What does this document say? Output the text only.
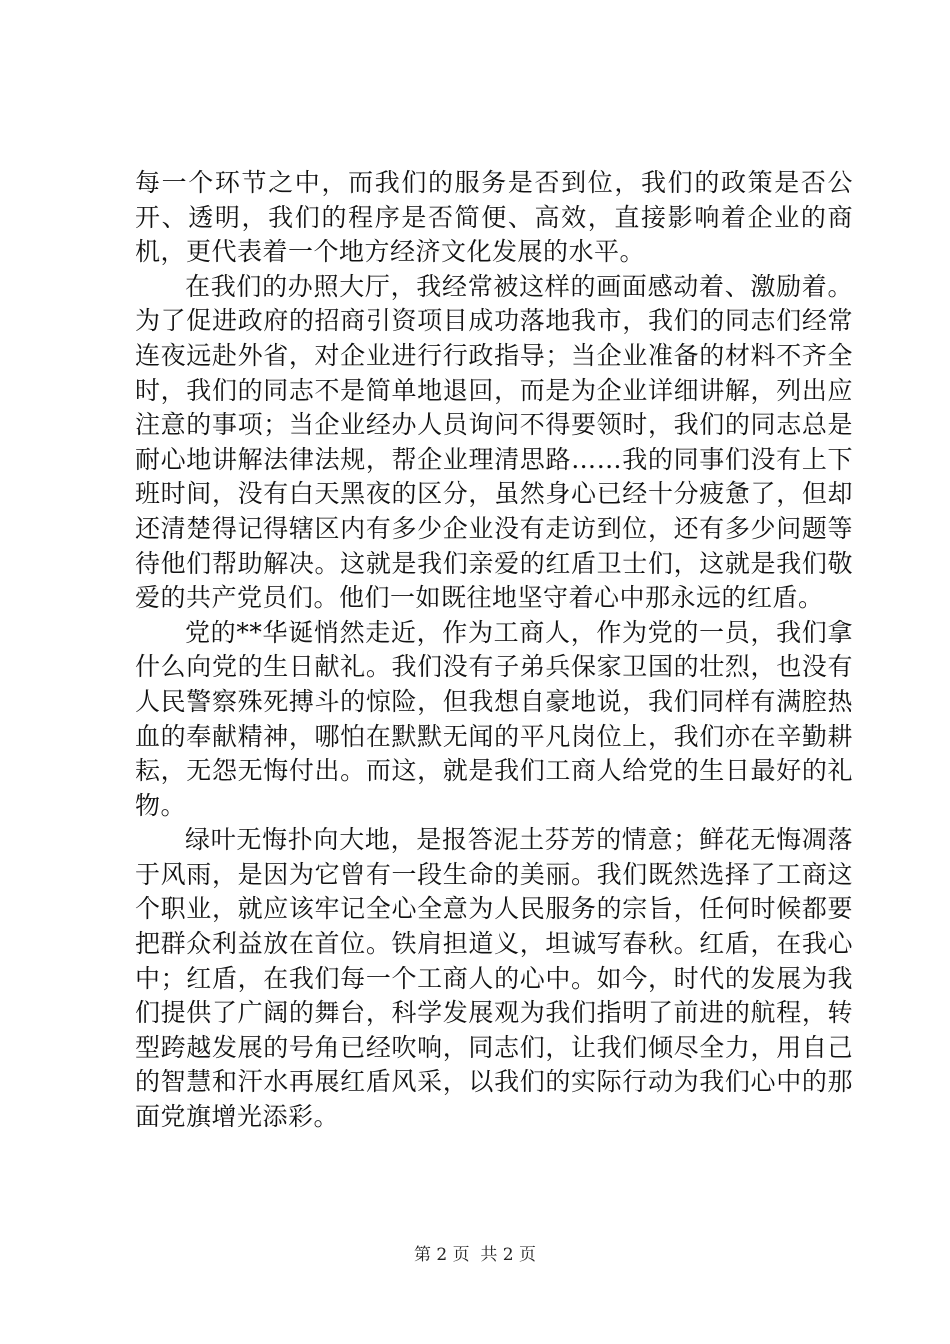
每一个环节之中，而我们的服务是否到位，我们的政策是否公开、透明，我们的程序是否简便、高效，直接影响着企业的商机，更代表着一个地方经济文化发展的水平。

在我们的办照大厅，我经常被这样的画面感动着、激励着。为了促进政府的招商引资项目成功落地我市，我们的同志们经常连夜远赴外省，对企业进行行政指导；当企业准备的材料不齐全时，我们的同志不是简单地退回，而是为企业详细讲解，列出应注意的事项；当企业经办人员询问不得要领时，我们的同志总是耐心地讲解法律法规，帮企业理清思路……我的同事们没有上下班时间，没有白天黑夜的区分，虽然身心已经十分疲惫了，但却还清楚得记得辖区内有多少企业没有走访到位，还有多少问题等待他们帮助解决。这就是我们亲爱的红盾卫士们，这就是我们敬爱的共产党员们。他们一如既往地坚守着心中那永远的红盾。

党的**华诞悄然走近，作为工商人，作为党的一员，我们拿什么向党的生日献礼。我们没有子弟兵保家卫国的壮烈，也没有人民警察殊死搏斗的惊险，但我想自豪地说，我们同样有满腔热血的奉献精神，哪怕在默默无闻的平凡岗位上，我们亦在辛勤耕耘，无怨无悔付出。而这，就是我们工商人给党的生日最好的礼物。

绿叶无悔扑向大地，是报答泥土芬芳的情意；鲜花无悔凋落于风雨，是因为它曾有一段生命的美丽。我们既然选择了工商这个职业，就应该牢记全心全意为人民服务的宗旨，任何时候都要把群众利益放在首位。铁肩担道义，坦诚写春秋。红盾，在我心中；红盾，在我们每一个工商人的心中。如今，时代的发展为我们提供了广阔的舞台，科学发展观为我们指明了前进的航程，转型跨越发展的号角已经吹响，同志们，让我们倾尽全力，用自己的智慧和汗水再展红盾风采，以我们的实际行动为我们心中的那面党旗增光添彩。

第 2 页  共 2 页
